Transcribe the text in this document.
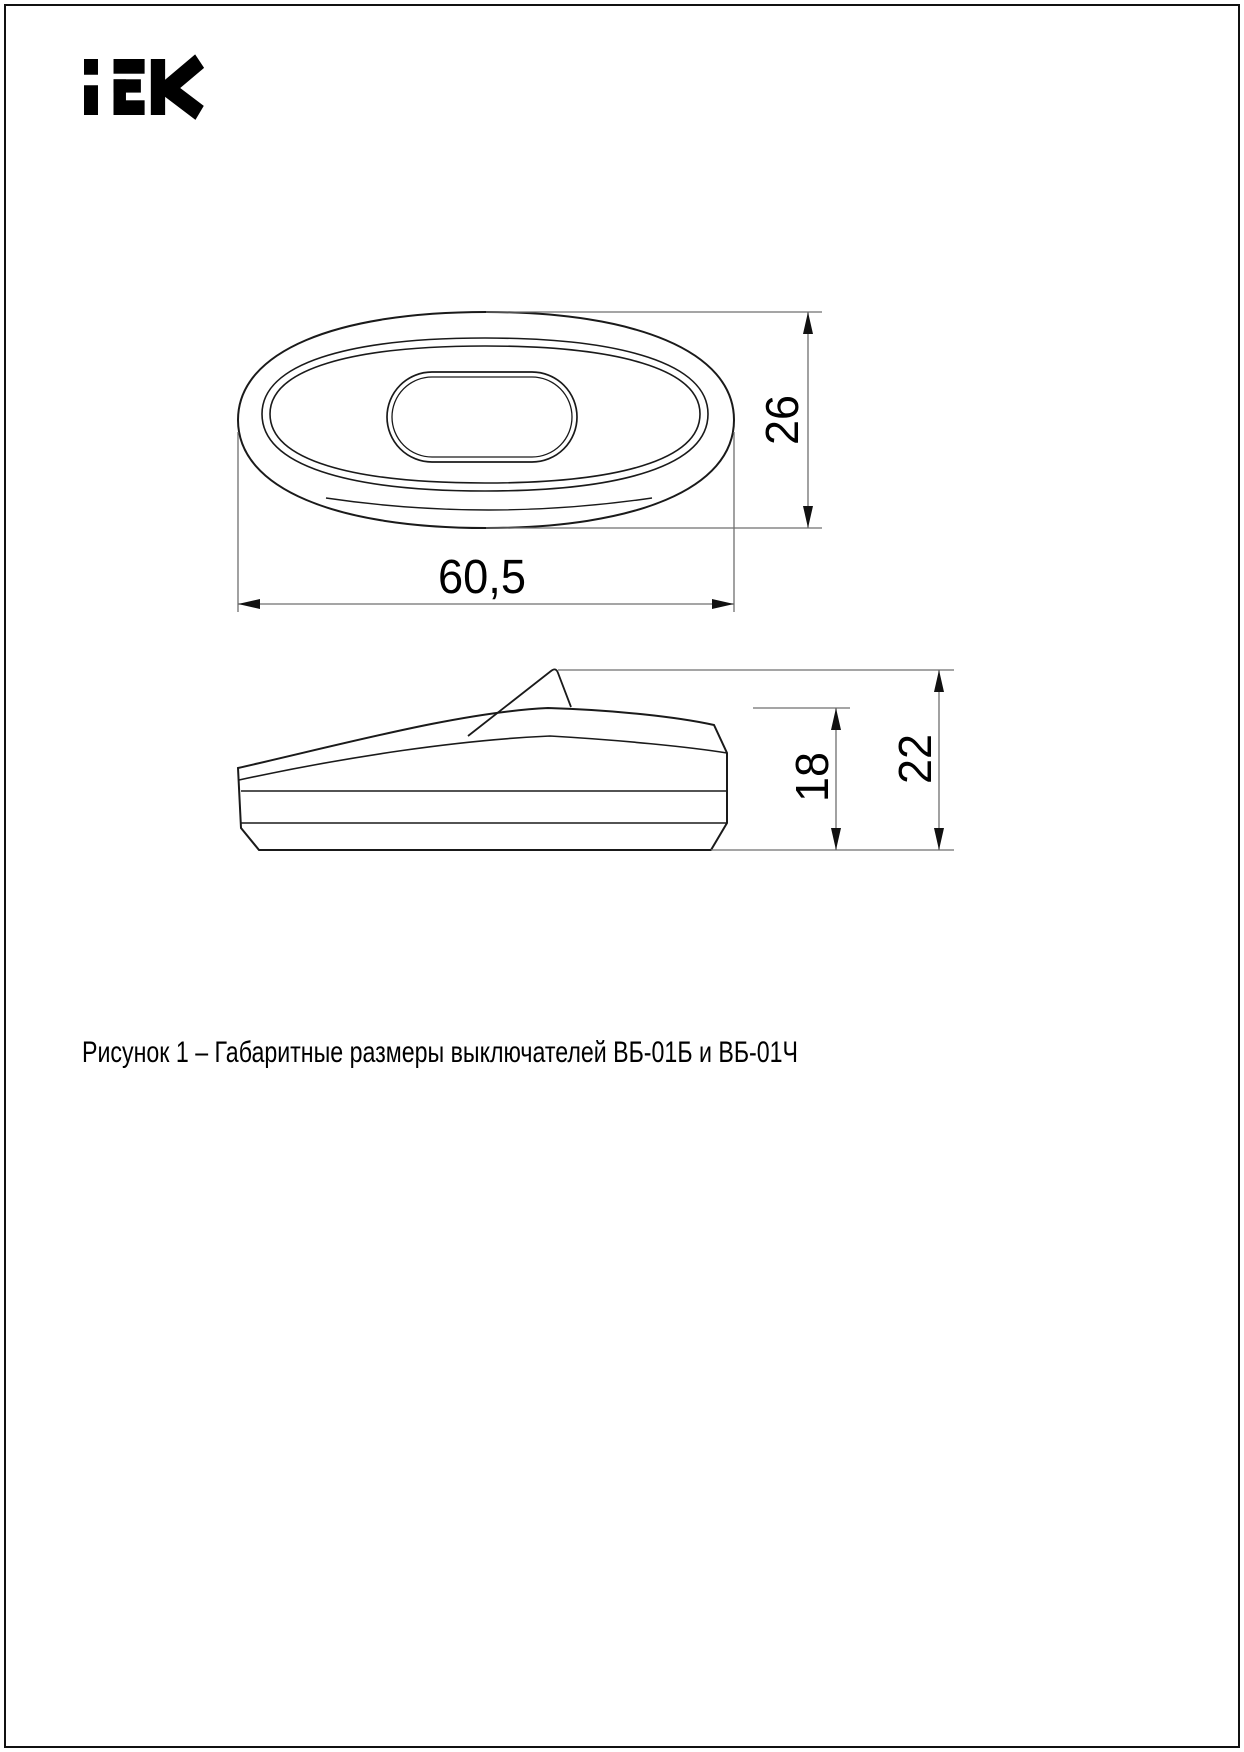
26
60,5
18 22
Рисунок 1 – Габаритные размеры выключателей ВБ-01Б и ВБ-01Ч
